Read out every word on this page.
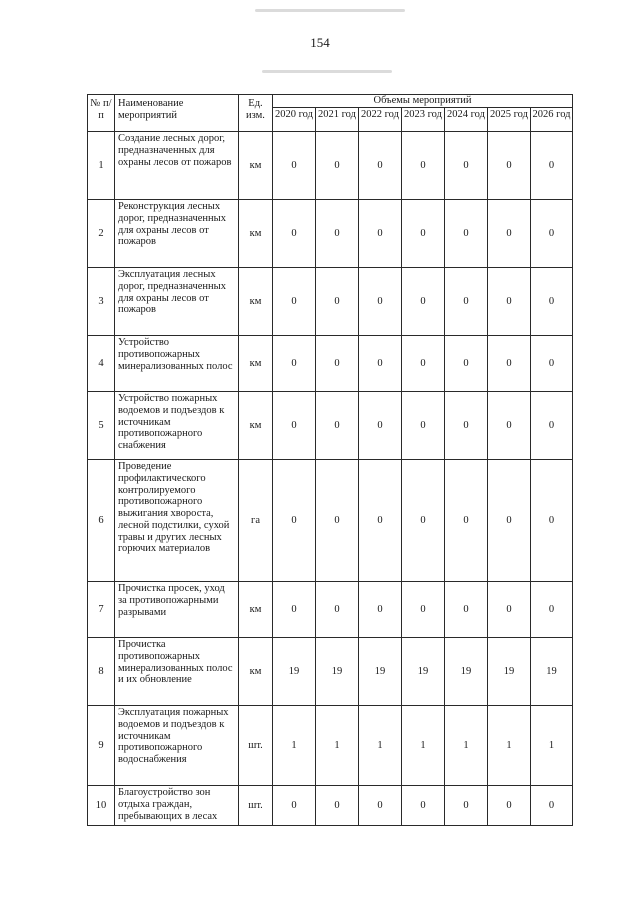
154
№ п/п	Наименование мероприятий	Ед. изм.	Объемы мероприятий						
			2020 год	2021 год	2022 год	2023 год	2024 год	2025 год	2026 год
1	Создание лесных дорог, предназначенных для охраны лесов от пожаров	км	0	0	0	0	0	0	0
2	Реконструкция лесных дорог, предназначенных для охраны лесов от пожаров	км	0	0	0	0	0	0	0
3	Эксплуатация лесных дорог, предназначенных для охраны лесов от пожаров	км	0	0	0	0	0	0	0
4	Устройство противопожарных минерализованных полос	км	0	0	0	0	0	0	0
5	Устройство пожарных водоемов и подъездов к источникам противопожарного снабжения	км	0	0	0	0	0	0	0
6	Проведение профилактического контролируемого противопожарного выжигания хвороста, лесной подстилки, сухой травы и других лесных горючих материалов	га	0	0	0	0	0	0	0
7	Прочистка просек, уход за противопожарными разрывами	км	0	0	0	0	0	0	0
8	Прочистка противопожарных минерализованных полос и их обновление	км	19	19	19	19	19	19	19
9	Эксплуатация пожарных водоемов и подъездов к источникам противопожарного водоснабжения	шт.	1	1	1	1	1	1	1
10	Благоустройство зон отдыха граждан, пребывающих в лесах	шт.	0	0	0	0	0	0	0
